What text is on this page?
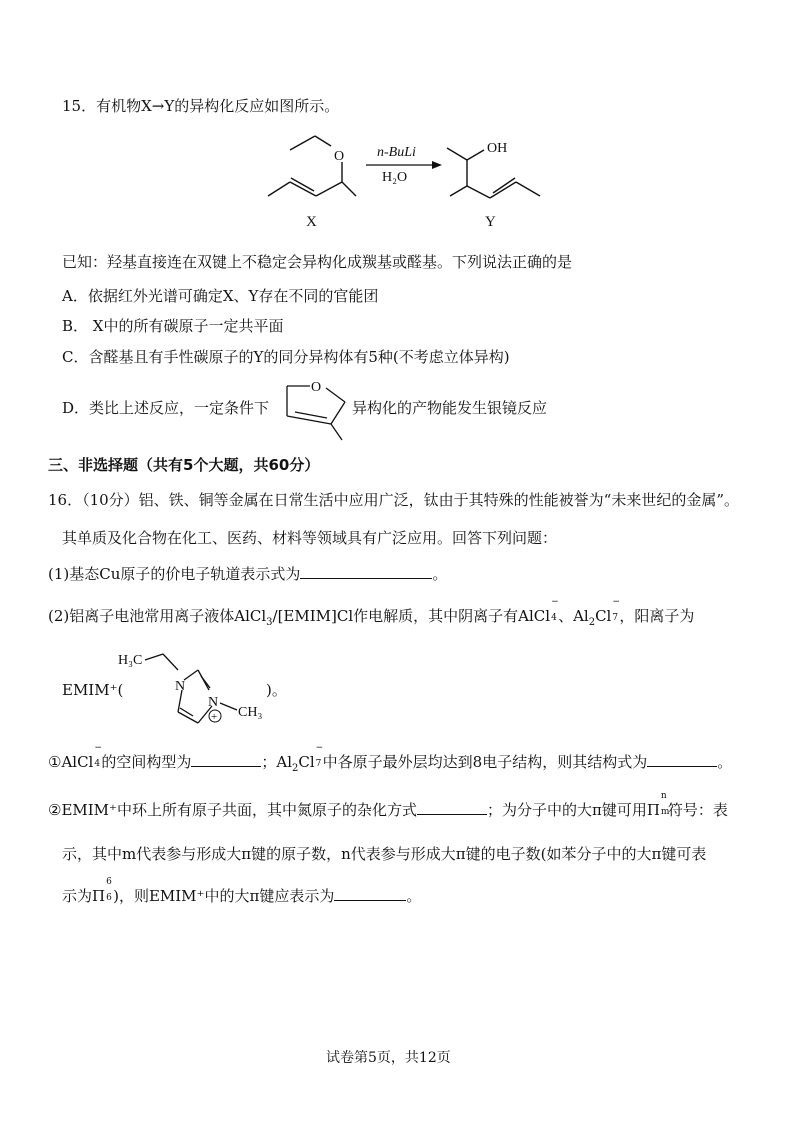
15．有机物X→Y的异构化反应如图所示。
O
X
n-BuLi
H₂O
OH
Y
已知：羟基直接连在双键上不稳定会异构化成羰基或醛基。下列说法正确的是
A．依据红外光谱可确定X、Y存在不同的官能团
B． X中的所有碳原子一定共平面
C．含醛基且有手性碳原子的Y的同分异构体有5种(不考虑立体异构)
D．类比上述反应，一定条件下
O
异构化的产物能发生银镜反应
三、非选择题（共有5个大题，共60分）
16．（10分）铝、铁、铜等金属在日常生活中应用广泛，钛由于其特殊的性能被誉为“未来世纪的金属”。
其单质及化合物在化工、医药、材料等领域具有广泛应用。回答下列问题：
(1)基态Cu原子的价电子轨道表示式为	。
(2)铝离子电池常用离子液体AlCl$_3$/[EMIM]Cl作电解质，其中阴离子有AlCl
−
4 、$Al_2Cl$
−
7 ，阳离子为
EMIM⁺(
H₃C
N
N
CH₃
+
)。
①AlCl
−
4 的空间构型为	；$Al_2Cl$
−
7 中各原子最外层均达到8电子结构，则其结构式为	。
②EMIM⁺中环上所有原子共面，其中氮原子的杂化方式	；为分子中的大π键可用Π
n
m
符号：表
示，其中m代表参与形成大π键的原子数，n代表参与形成大π键的电子数(如苯分子中的大π键可表
示为Π
6
6 )，则EMIM⁺中的大π键应表示为	。
试卷第5页，共12页
